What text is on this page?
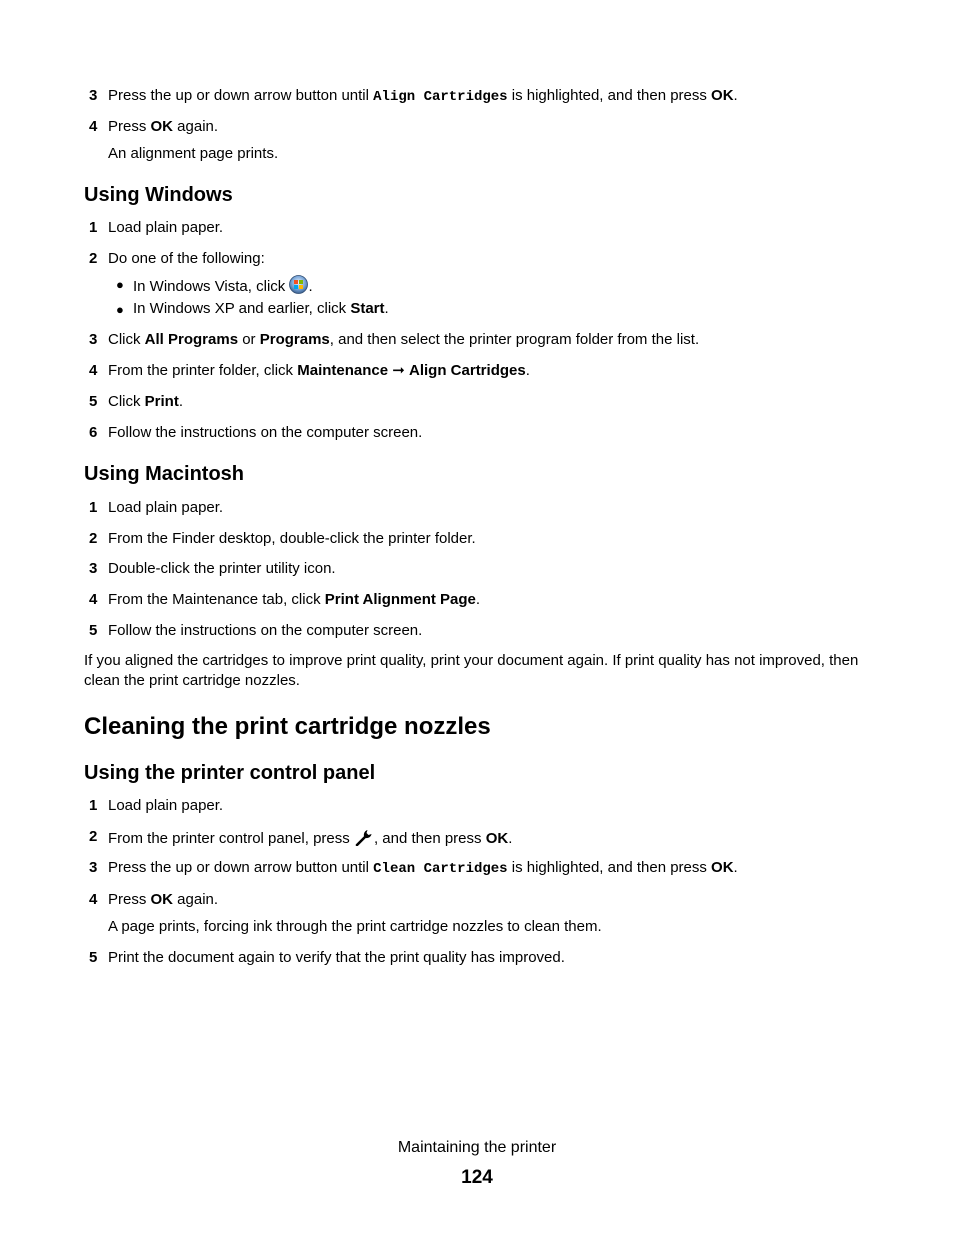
3 Press the up or down arrow button until Align Cartridges is highlighted, and then press OK.
4 Press OK again.
An alignment page prints.
Using Windows
1 Load plain paper.
2 Do one of the following:
● In Windows Vista, click .
● In Windows XP and earlier, click Start.
3 Click All Programs or Programs, and then select the printer program folder from the list.
4 From the printer folder, click Maintenance ➞ Align Cartridges.
5 Click Print.
6 Follow the instructions on the computer screen.
Using Macintosh
1 Load plain paper.
2 From the Finder desktop, double-click the printer folder.
3 Double-click the printer utility icon.
4 From the Maintenance tab, click Print Alignment Page.
5 Follow the instructions on the computer screen.
If you aligned the cartridges to improve print quality, print your document again. If print quality has not improved, then clean the print cartridge nozzles.
Cleaning the print cartridge nozzles
Using the printer control panel
1 Load plain paper.
2 From the printer control panel, press , and then press OK.
3 Press the up or down arrow button until Clean Cartridges is highlighted, and then press OK.
4 Press OK again.
A page prints, forcing ink through the print cartridge nozzles to clean them.
5 Print the document again to verify that the print quality has improved.
Maintaining the printer
124
